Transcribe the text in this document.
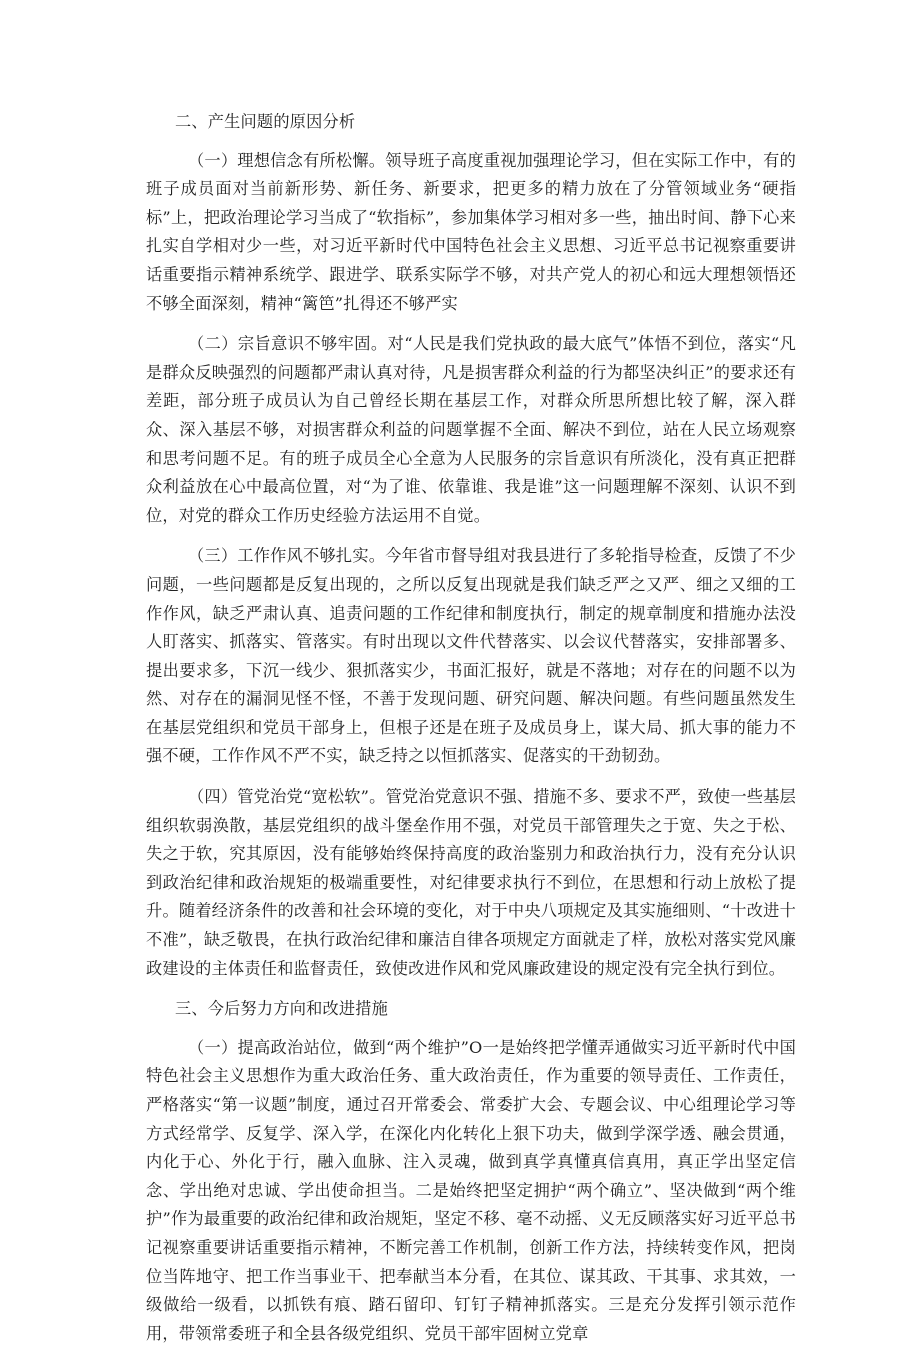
二、产生问题的原因分析

（一）理想信念有所松懈。领导班子高度重视加强理论学习，但在实际工作中，有的班子成员面对当前新形势、新任务、新要求，把更多的精力放在了分管领域业务“硬指标”上，把政治理论学习当成了“软指标”，参加集体学习相对多一些，抽出时间、静下心来扎实自学相对少一些，对习近平新时代中国特色社会主义思想、习近平总书记视察重要讲话重要指示精神系统学、跟进学、联系实际学不够，对共产党人的初心和远大理想领悟还不够全面深刻，精神“篱笆”扎得还不够严实

（二）宗旨意识不够牢固。对“人民是我们党执政的最大底气”体悟不到位，落实“凡是群众反映强烈的问题都严肃认真对待，凡是损害群众利益的行为都坚决纠正”的要求还有差距，部分班子成员认为自己曾经长期在基层工作，对群众所思所想比较了解，深入群众、深入基层不够，对损害群众利益的问题掌握不全面、解决不到位，站在人民立场观察和思考问题不足。有的班子成员全心全意为人民服务的宗旨意识有所淡化，没有真正把群众利益放在心中最高位置，对“为了谁、依靠谁、我是谁”这一问题理解不深刻、认识不到位，对党的群众工作历史经验方法运用不自觉。

（三）工作作风不够扎实。今年省市督导组对我县进行了多轮指导检查，反馈了不少问题，一些问题都是反复出现的，之所以反复出现就是我们缺乏严之又严、细之又细的工作作风，缺乏严肃认真、追责问题的工作纪律和制度执行，制定的规章制度和措施办法没人盯落实、抓落实、管落实。有时出现以文件代替落实、以会议代替落实，安排部署多、提出要求多，下沉一线少、狠抓落实少，书面汇报好，就是不落地；对存在的问题不以为然、对存在的漏洞见怪不怪，不善于发现问题、研究问题、解决问题。有些问题虽然发生在基层党组织和党员干部身上，但根子还是在班子及成员身上，谋大局、抓大事的能力不强不硬，工作作风不严不实，缺乏持之以恒抓落实、促落实的干劲韧劲。

（四）管党治党“宽松软”。管党治党意识不强、措施不多、要求不严，致使一些基层组织软弱涣散，基层党组织的战斗堡垒作用不强，对党员干部管理失之于宽、失之于松、失之于软，究其原因，没有能够始终保持高度的政治鉴别力和政治执行力，没有充分认识到政治纪律和政治规矩的极端重要性，对纪律要求执行不到位，在思想和行动上放松了提升。随着经济条件的改善和社会环境的变化，对于中央八项规定及其实施细则、“十改进十不准”，缺乏敬畏，在执行政治纪律和廉洁自律各项规定方面就走了样，放松对落实党风廉政建设的主体责任和监督责任，致使改进作风和党风廉政建设的规定没有完全执行到位。

三、今后努力方向和改进措施

（一）提高政治站位，做到“两个维护”O一是始终把学懂弄通做实习近平新时代中国特色社会主义思想作为重大政治任务、重大政治责任，作为重要的领导责任、工作责任，严格落实“第一议题”制度，通过召开常委会、常委扩大会、专题会议、中心组理论学习等方式经常学、反复学、深入学，在深化内化转化上狠下功夫，做到学深学透、融会贯通，内化于心、外化于行，融入血脉、注入灵魂，做到真学真懂真信真用，真正学出坚定信念、学出绝对忠诚、学出使命担当。二是始终把坚定拥护“两个确立”、坚决做到“两个维护”作为最重要的政治纪律和政治规矩，坚定不移、毫不动摇、义无反顾落实好习近平总书记视察重要讲话重要指示精神，不断完善工作机制，创新工作方法，持续转变作风，把岗位当阵地守、把工作当事业干、把奉献当本分看，在其位、谋其政、干其事、求其效，一级做给一级看，以抓铁有痕、踏石留印、钉钉子精神抓落实。三是充分发挥引领示范作用，带领常委班子和全县各级党组织、党员干部牢固树立党章
